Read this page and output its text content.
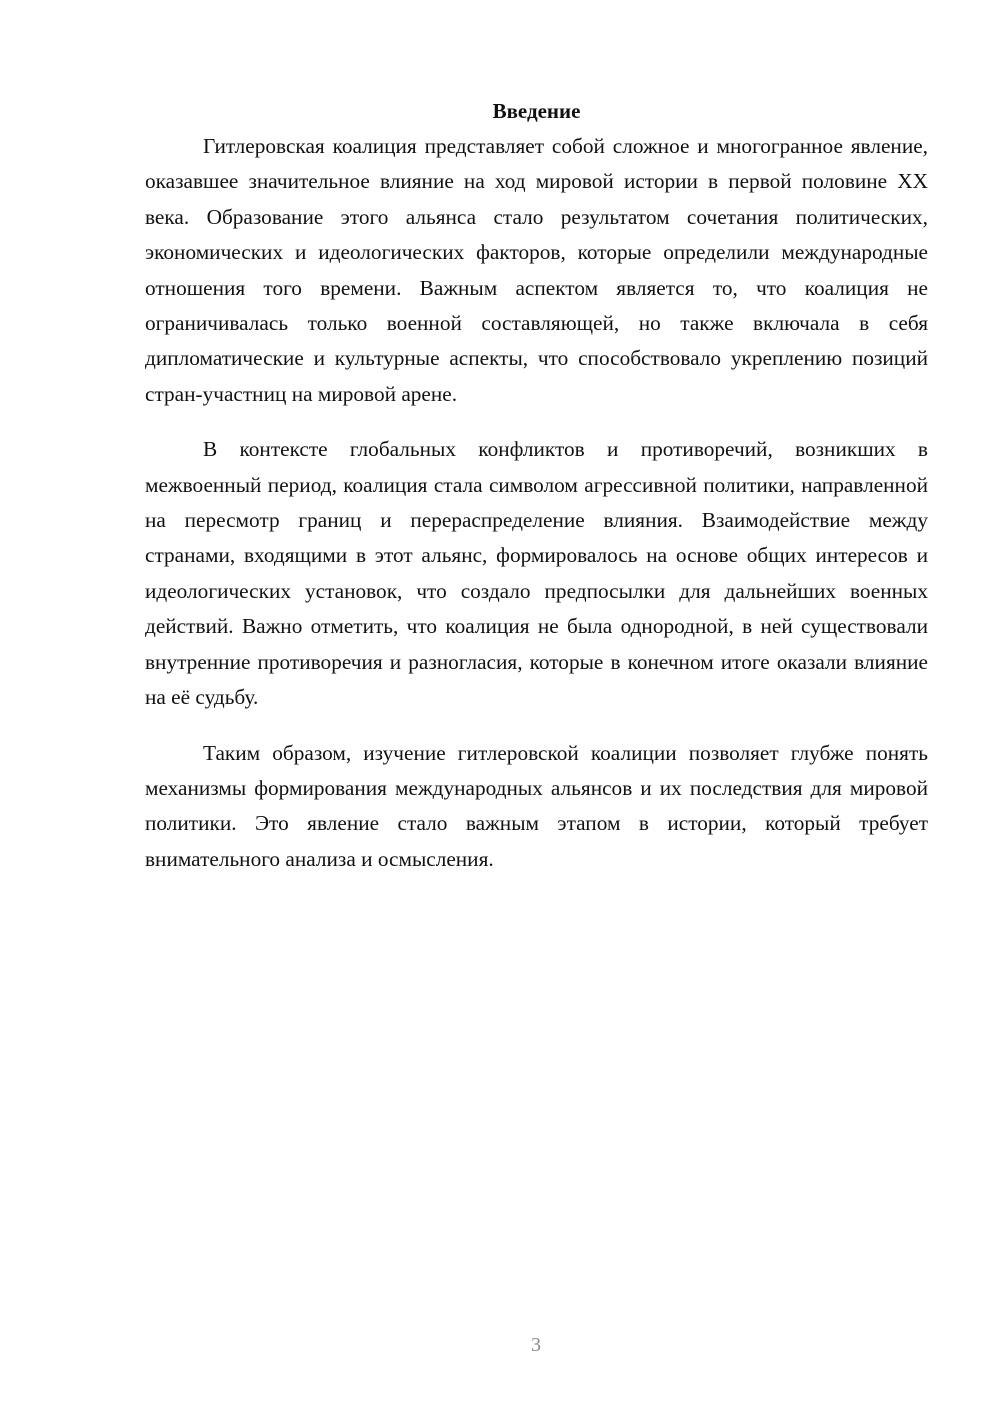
Введение

Гитлеровская коалиция представляет собой сложное и многогранное явление, оказавшее значительное влияние на ход мировой истории в первой половине XX века. Образование этого альянса стало результатом сочетания политических, экономических и идеологических факторов, которые определили международные отношения того времени. Важным аспектом является то, что коалиция не ограничивалась только военной составляющей, но также включала в себя дипломатические и культурные аспекты, что способствовало укреплению позиций стран-участниц на мировой арене.

В контексте глобальных конфликтов и противоречий, возникших в межвоенный период, коалиция стала символом агрессивной политики, направленной на пересмотр границ и перераспределение влияния. Взаимодействие между странами, входящими в этот альянс, формировалось на основе общих интересов и идеологических установок, что создало предпосылки для дальнейших военных действий. Важно отметить, что коалиция не была однородной, в ней существовали внутренние противоречия и разногласия, которые в конечном итоге оказали влияние на её судьбу.

Таким образом, изучение гитлеровской коалиции позволяет глубже понять механизмы формирования международных альянсов и их последствия для мировой политики. Это явление стало важным этапом в истории, который требует внимательного анализа и осмысления.

3
